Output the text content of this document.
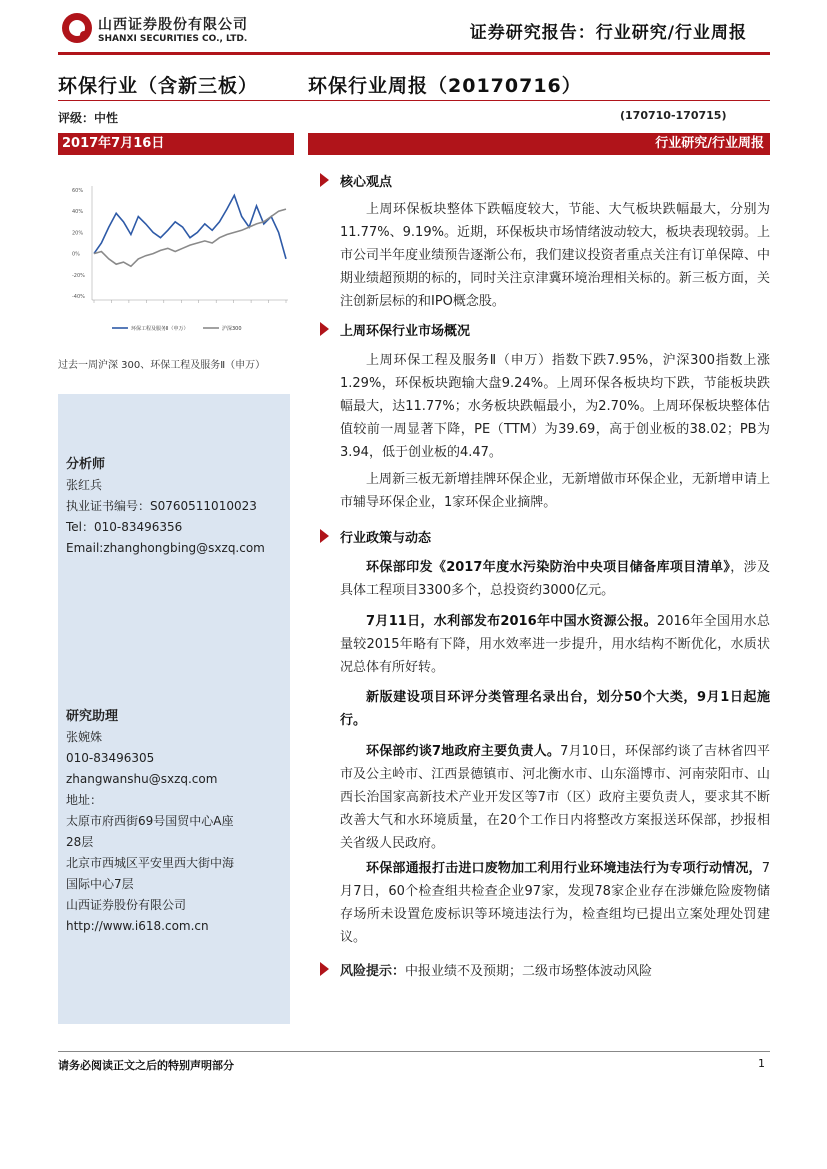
山西证券股份有限公司
SHANXI SECURITIES CO., LTD.	证券研究报告：行业研究/行业周报
环保行业（含新三板）	环保行业周报（20170716）
评级：中性	(170710-170715)
2017年7月16日	行业研究/行业周报
60%
40%
20%
0%
-20%
-40%
环保工程及服务Ⅱ（申万）	沪深300
过去一周沪深 300、环保工程及服务Ⅱ（申万）
分析师
张红兵
执业证书编号：S0760511010023
Tel：010-83496356
Email:zhanghongbing@sxzq.com
研究助理
张婉姝
010-83496305
zhangwanshu@sxzq.com
地址：
太原市府西街69号国贸中心A座
28层
北京市西城区平安里西大街中海
国际中心7层
山西证券股份有限公司
http://www.i618.com.cn
核心观点

上周环保板块整体下跌幅度较大，节能、大气板块跌幅最大，分别为11.77%、9.19%。近期，环保板块市场情绪波动较大，板块表现较弱。上市公司半年度业绩预告逐渐公布，我们建议投资者重点关注有订单保障、中期业绩超预期的标的，同时关注京津冀环境治理相关标的。新三板方面，关注创新层标的和IPO概念股。

上周环保行业市场概况

上周环保工程及服务Ⅱ（申万）指数下跌7.95%，沪深300指数上涨1.29%，环保板块跑输大盘9.24%。上周环保各板块均下跌，节能板块跌幅最大，达11.77%；水务板块跌幅最小，为2.70%。上周环保板块整体估值较前一周显著下降，PE（TTM）为39.69，高于创业板的38.02；PB为3.94，低于创业板的4.47。

上周新三板无新增挂牌环保企业，无新增做市环保企业，无新增申请上市辅导环保企业，1家环保企业摘牌。

行业政策与动态

环保部印发《2017年度水污染防治中央项目储备库项目清单》，涉及具体工程项目3300多个，总投资约3000亿元。

7月11日，水利部发布2016年中国水资源公报。2016年全国用水总量较2015年略有下降，用水效率进一步提升，用水结构不断优化，水质状况总体有所好转。

新版建设项目环评分类管理名录出台，划分50个大类，9月1日起施行。

环保部约谈7地政府主要负责人。7月10日，环保部约谈了吉林省四平市及公主岭市、江西景德镇市、河北衡水市、山东淄博市、河南荥阳市、山西长治国家高新技术产业开发区等7市（区）政府主要负责人，要求其不断改善大气和水环境质量，在20个工作日内将整改方案报送环保部，抄报相关省级人民政府。

环保部通报打击进口废物加工利用行业环境违法行为专项行动情况，7月7日，60个检查组共检查企业97家，发现78家企业存在涉嫌危险废物储存场所未设置危废标识等环境违法行为，检查组均已提出立案处理处罚建议。

风险提示：中报业绩不及预期；二级市场整体波动风险
请务必阅读正文之后的特别声明部分	1
